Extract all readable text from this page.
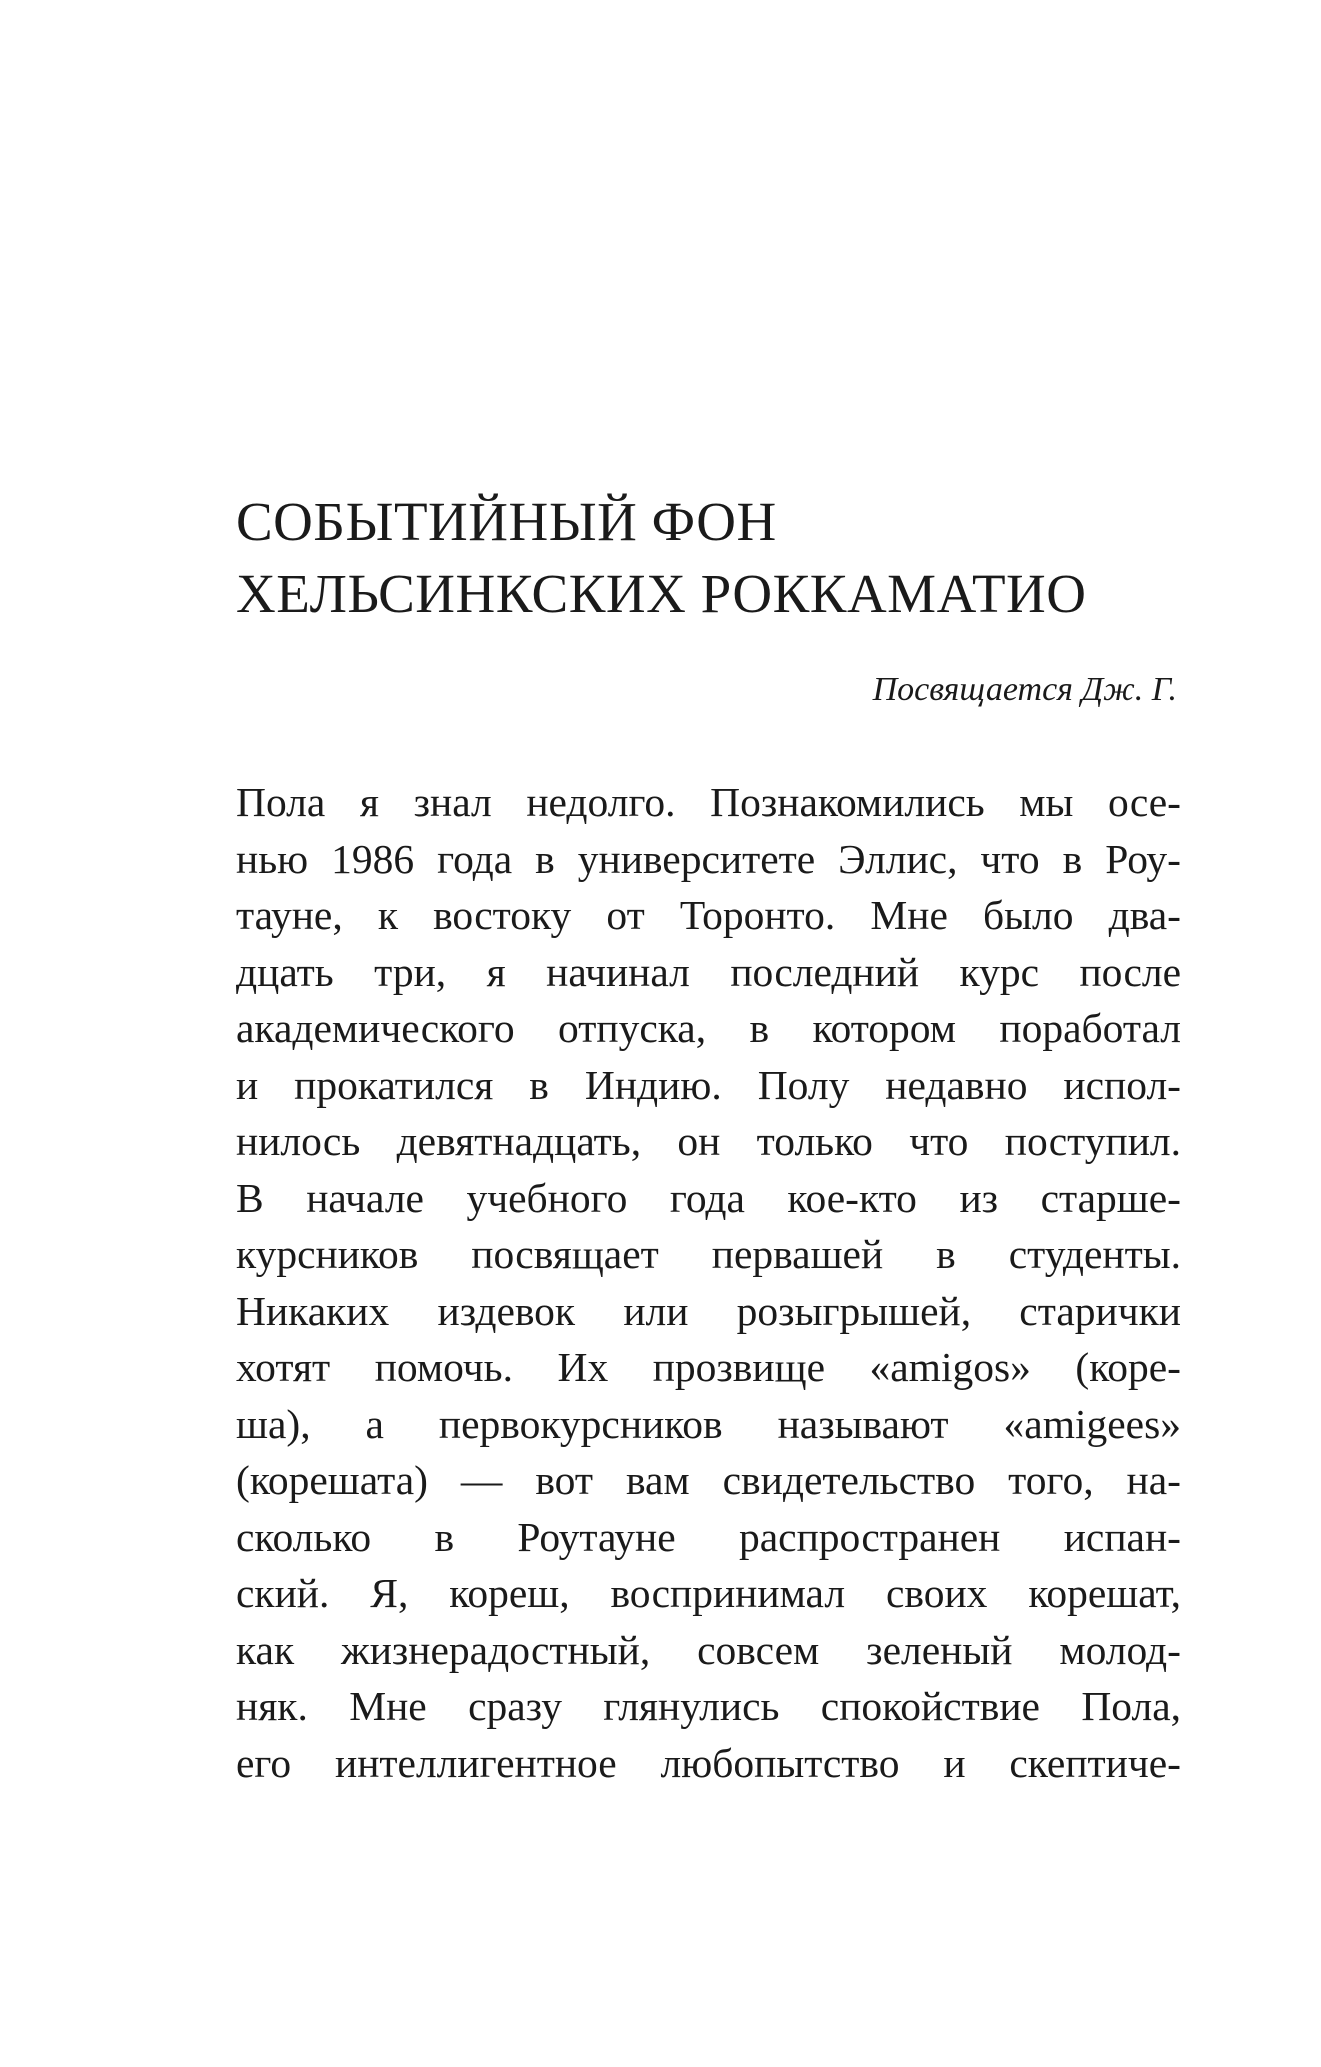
СОБЫТИЙНЫЙ ФОН
ХЕЛЬСИНКСКИХ РОККАМАТИО
Посвящается Дж. Г.
Пола я знал недолго. Познакомились мы осе-
нью 1986 года в университете Эллис, что в Роу-
тауне, к востоку от Торонто. Мне было два-
дцать три, я начинал последний курс после
академического отпуска, в котором поработал
и прокатился в Индию. Полу недавно испол-
нилось девятнадцать, он только что поступил.
В начале учебного года кое-кто из старше-
курсников посвящает первашей в студенты.
Никаких издевок или розыгрышей, старички
хотят помочь. Их прозвище «amigos» (коре-
ша), а первокурсников называют «amigees»
(корешата) — вот вам свидетельство того, на-
сколько в Роутауне распространен испан-
ский. Я, кореш, воспринимал своих корешат,
как жизнерадостный, совсем зеленый молод-
няк. Мне сразу глянулись спокойствие Пола,
его интеллигентное любопытство и скептиче-
